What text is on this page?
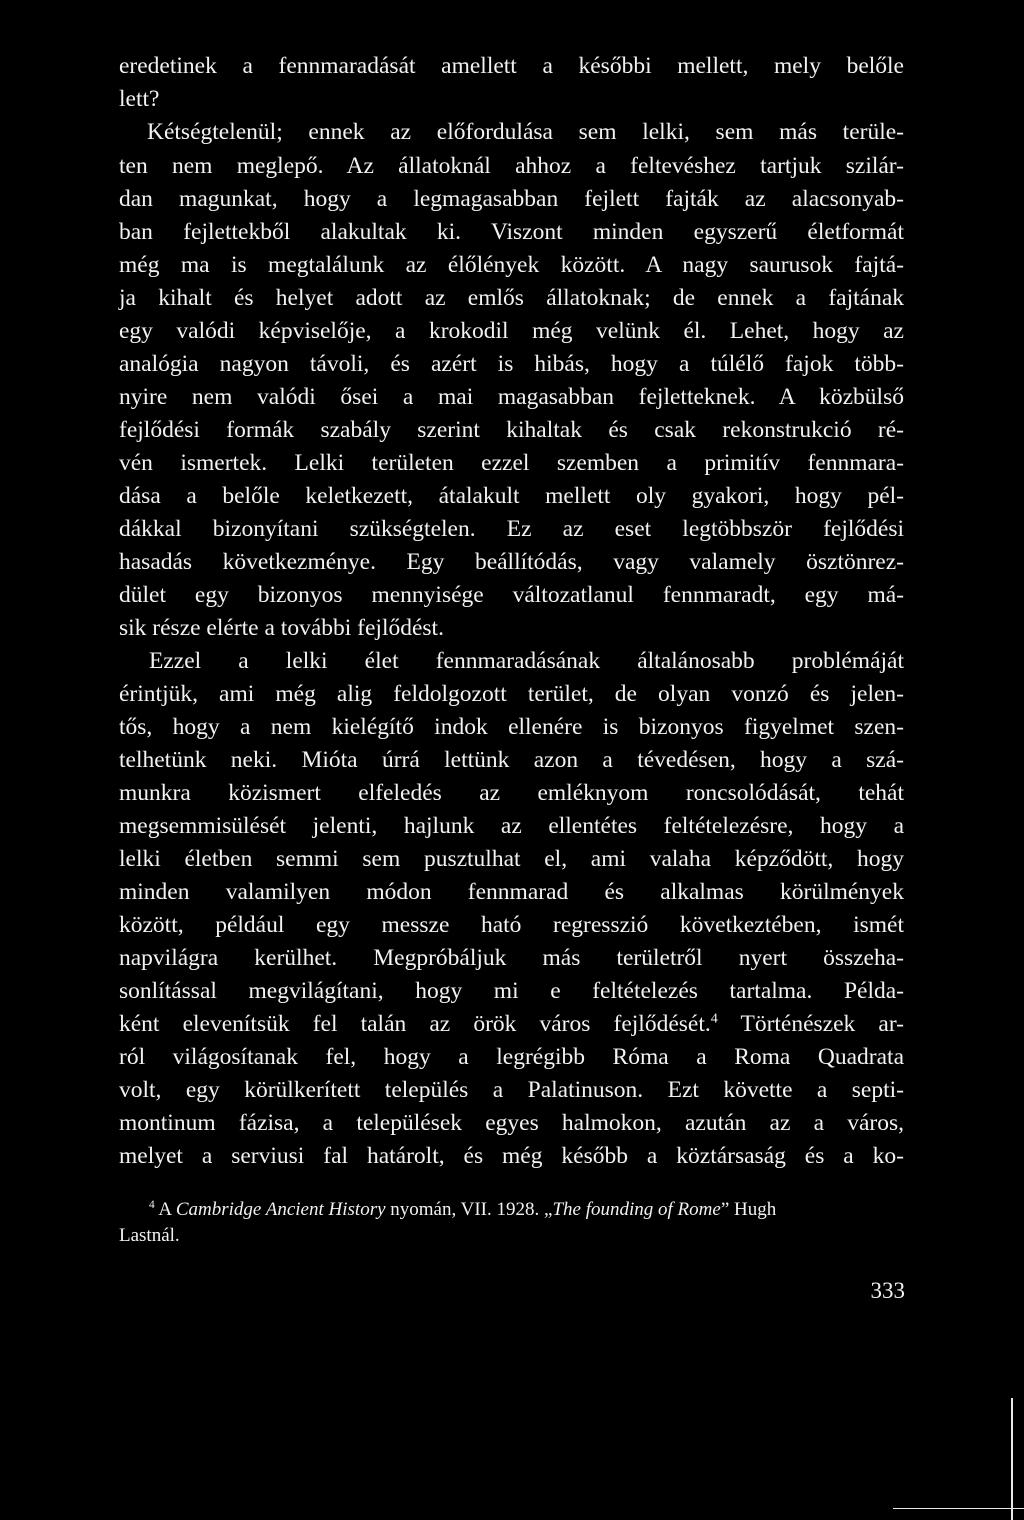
eredetinek a fennmaradását amellett a későbbi mellett, mely belőle
lett?
Kétségtelenül; ennek az előfordulása sem lelki, sem más terüle-
ten nem meglepő. Az állatoknál ahhoz a feltevéshez tartjuk szilár-
dan magunkat, hogy a legmagasabban fejlett fajták az alacsonyab-
ban fejlettekből alakultak ki. Viszont minden egyszerű életformát
még ma is megtalálunk az élőlények között. A nagy saurusok fajtá-
ja kihalt és helyet adott az emlős állatoknak; de ennek a fajtának
egy valódi képviselője, a krokodil még velünk él. Lehet, hogy az
analógia nagyon távoli, és azért is hibás, hogy a túlélő fajok több-
nyire nem valódi ősei a mai magasabban fejletteknek. A közbülső
fejlődési formák szabály szerint kihaltak és csak rekonstrukció ré-
vén ismertek. Lelki területen ezzel szemben a primitív fennmara-
dása a belőle keletkezett, átalakult mellett oly gyakori, hogy pél-
dákkal bizonyítani szükségtelen. Ez az eset legtöbbször fejlődési
hasadás következménye. Egy beállítódás, vagy valamely ösztönrez-
dület egy bizonyos mennyisége változatlanul fennmaradt, egy má-
sik része elérte a további fejlődést.
Ezzel a lelki élet fennmaradásának általánosabb problémáját
érintjük, ami még alig feldolgozott terület, de olyan vonzó és jelen-
tős, hogy a nem kielégítő indok ellenére is bizonyos figyelmet szen-
telhetünk neki. Mióta úrrá lettünk azon a tévedésen, hogy a szá-
munkra közismert elfeledés az emléknyom roncsolódását, tehát
megsemmisülését jelenti, hajlunk az ellentétes feltételezésre, hogy a
lelki életben semmi sem pusztulhat el, ami valaha képződött, hogy
minden valamilyen módon fennmarad és alkalmas körülmények
között, például egy messze ható regresszió következtében, ismét
napvilágra kerülhet. Megpróbáljuk más területről nyert összeha-
sonlítással megvilágítani, hogy mi e feltételezés tartalma. Példa-
ként elevenítsük fel talán az örök város fejlődését.$^4$ Történészek ar-
ról világosítanak fel, hogy a legrégibb Róma a Roma Quadrata
volt, egy körülkerített település a Palatinuson. Ezt követte a septi-
montinum fázisa, a települések egyes halmokon, azután az a város,
melyet a serviusi fal határolt, és még később a köztársaság és a ko-
$^4$ A Cambridge Ancient History nyomán, VII. 1928. „The founding of Rome” Hugh
Lastnál.
333
